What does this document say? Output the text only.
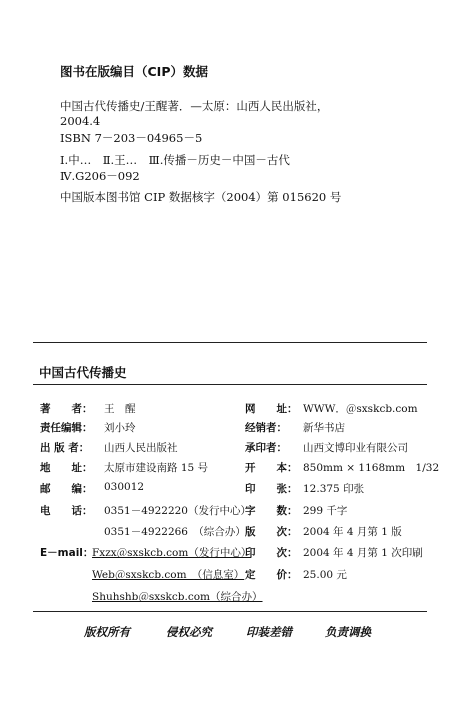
图书在版编目（CIP）数据
中国古代传播史/王醒著．—太原：山西人民出版社，
2004.4
ISBN 7－203－04965－5
Ⅰ.中…　Ⅱ.王…　Ⅲ.传播－历史－中国－古代
Ⅳ.G206－092
中国版本图书馆 CIP 数据核字（2004）第 015620 号
中国古代传播史
著　　者： 王　醒
责任编辑： 刘小玲
出 版 者： 山西人民出版社
地　　址： 太原市建设南路 15 号
邮　　编： 030012
电　　话： 0351－4922220（发行中心）
0351－4922266　（综合办）
E－mail：
Fxzx＠sxskcb.com（发行中心）
Web＠sxskcb.com　（信息室）
Shuhshb＠sxskcb.com（综合办）
网　　址： WWW．＠sxskcb.com
经销者： 新华书店
承印者： 山西文博印业有限公司
开　　本： 850mm × 1168mm　1/32
印　　张： 12.375 印张
字　　数： 299 千字
版　　次： 2004 年 4 月第 1 版
印　　次： 2004 年 4 月第 1 次印刷
定　　价： 25.00 元
版权所有	侵权必究	印装差错	负责调换
